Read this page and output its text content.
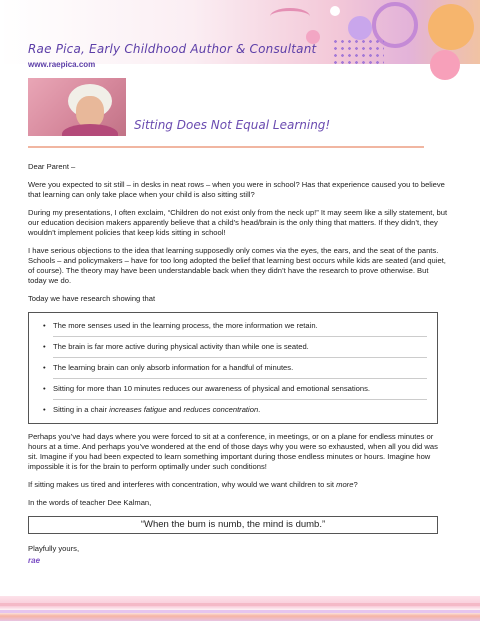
Rae Pica, Early Childhood Author & Consultant
www.raepica.com
Sitting Does Not Equal Learning!

Dear Parent –

Were you expected to sit still – in desks in neat rows – when you were in school? Has that experience caused you to believe that learning can only take place when your child is also sitting still?

During my presentations, I often exclaim, “Children do not exist only from the neck up!” It may seem like a silly statement, but our education decision makers apparently believe that a child’s head/brain is the only thing that matters. If they didn’t, they wouldn’t implement policies that keep kids sitting in school!

I have serious objections to the idea that learning supposedly only comes via the eyes, the ears, and the seat of the pants. Schools – and policymakers – have for too long adopted the belief that learning best occurs while kids are seated (and quiet, of course). The theory may have been understandable back when they didn’t have the research to prove otherwise. But today we do.

Today we have research showing that

• The more senses used in the learning process, the more information we retain.
• The brain is far more active during physical activity than while one is seated.
• The learning brain can only absorb information for a handful of minutes.
• Sitting for more than 10 minutes reduces our awareness of physical and emotional sensations.
• Sitting in a chair increases fatigue and reduces concentration.

Perhaps you’ve had days where you were forced to sit at a conference, in meetings, or on a plane for endless minutes or hours at a time. And perhaps you’ve wondered at the end of those days why you were so exhausted, when all you did was sit. Imagine if you had been expected to learn something important during those endless minutes or hours. Imagine how impossible it is for the brain to perform optimally under such conditions!

If sitting makes us tired and interferes with concentration, why would we want children to sit more?

In the words of teacher Dee Kalman,

“When the bum is numb, the mind is dumb.”

Playfully yours,

rae
